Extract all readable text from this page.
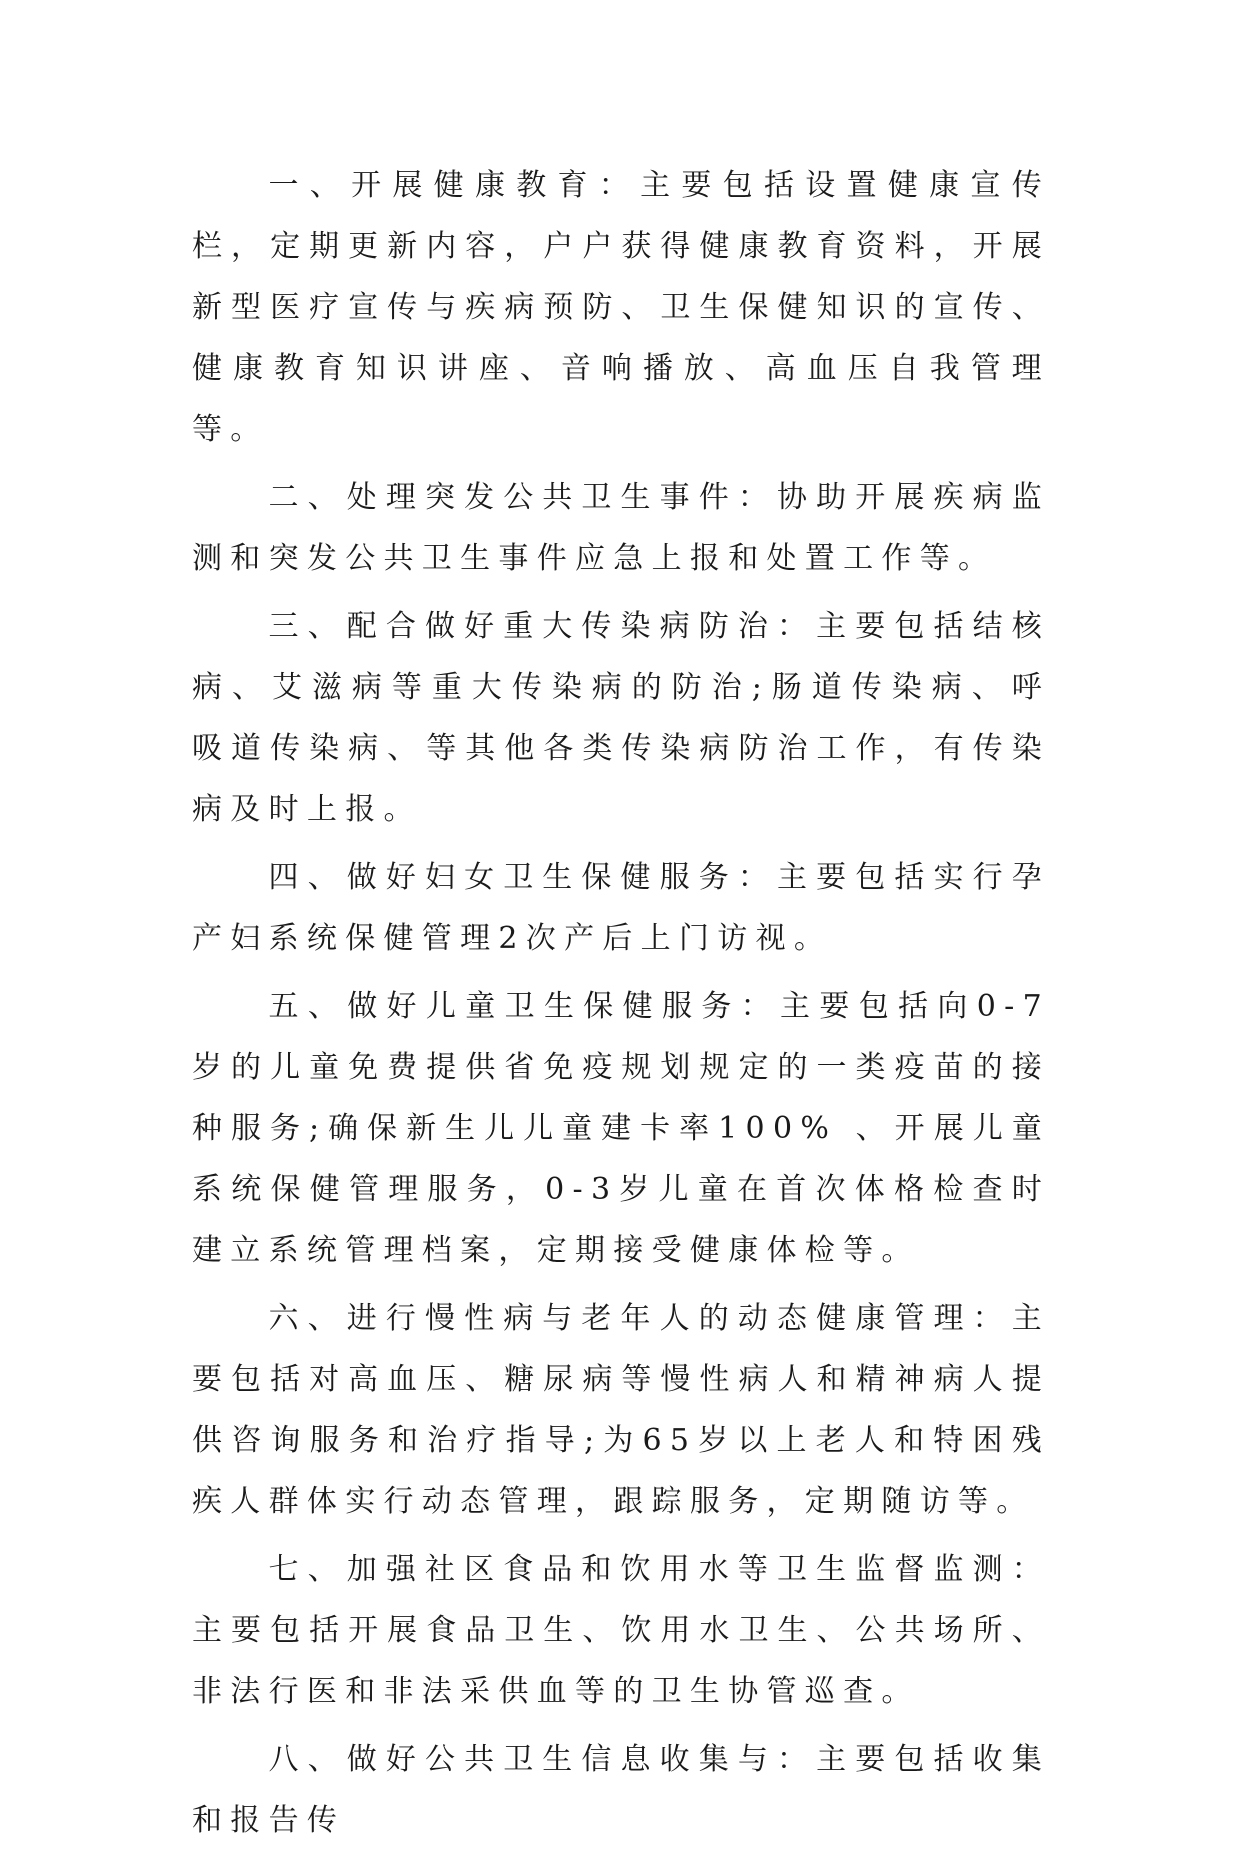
一、开展健康教育：主要包括设置健康宣传栏，定期更新内容，户户获得健康教育资料，开展新型医疗宣传与疾病预防、卫生保健知识的宣传、健康教育知识讲座、音响播放、高血压自我管理等。

二、处理突发公共卫生事件：协助开展疾病监测和突发公共卫生事件应急上报和处置工作等。

三、配合做好重大传染病防治：主要包括结核病、艾滋病等重大传染病的防治;肠道传染病、呼吸道传染病、等其他各类传染病防治工作，有传染病及时上报。

四、做好妇女卫生保健服务：主要包括实行孕产妇系统保健管理2次产后上门访视。

五、做好儿童卫生保健服务：主要包括向0-7岁的儿童免费提供省免疫规划规定的一类疫苗的接种服务;确保新生儿儿童建卡率100% 、开展儿童系统保健管理服务，0-3岁儿童在首次体格检查时建立系统管理档案，定期接受健康体检等。

六、进行慢性病与老年人的动态健康管理：主要包括对高血压、糖尿病等慢性病人和精神病人提供咨询服务和治疗指导;为65岁以上老人和特困残疾人群体实行动态管理，跟踪服务，定期随访等。

七、加强社区食品和饮用水等卫生监督监测：主要包括开展食品卫生、饮用水卫生、公共场所、非法行医和非法采供血等的卫生协管巡查。

八、做好公共卫生信息收集与：主要包括收集和报告传
